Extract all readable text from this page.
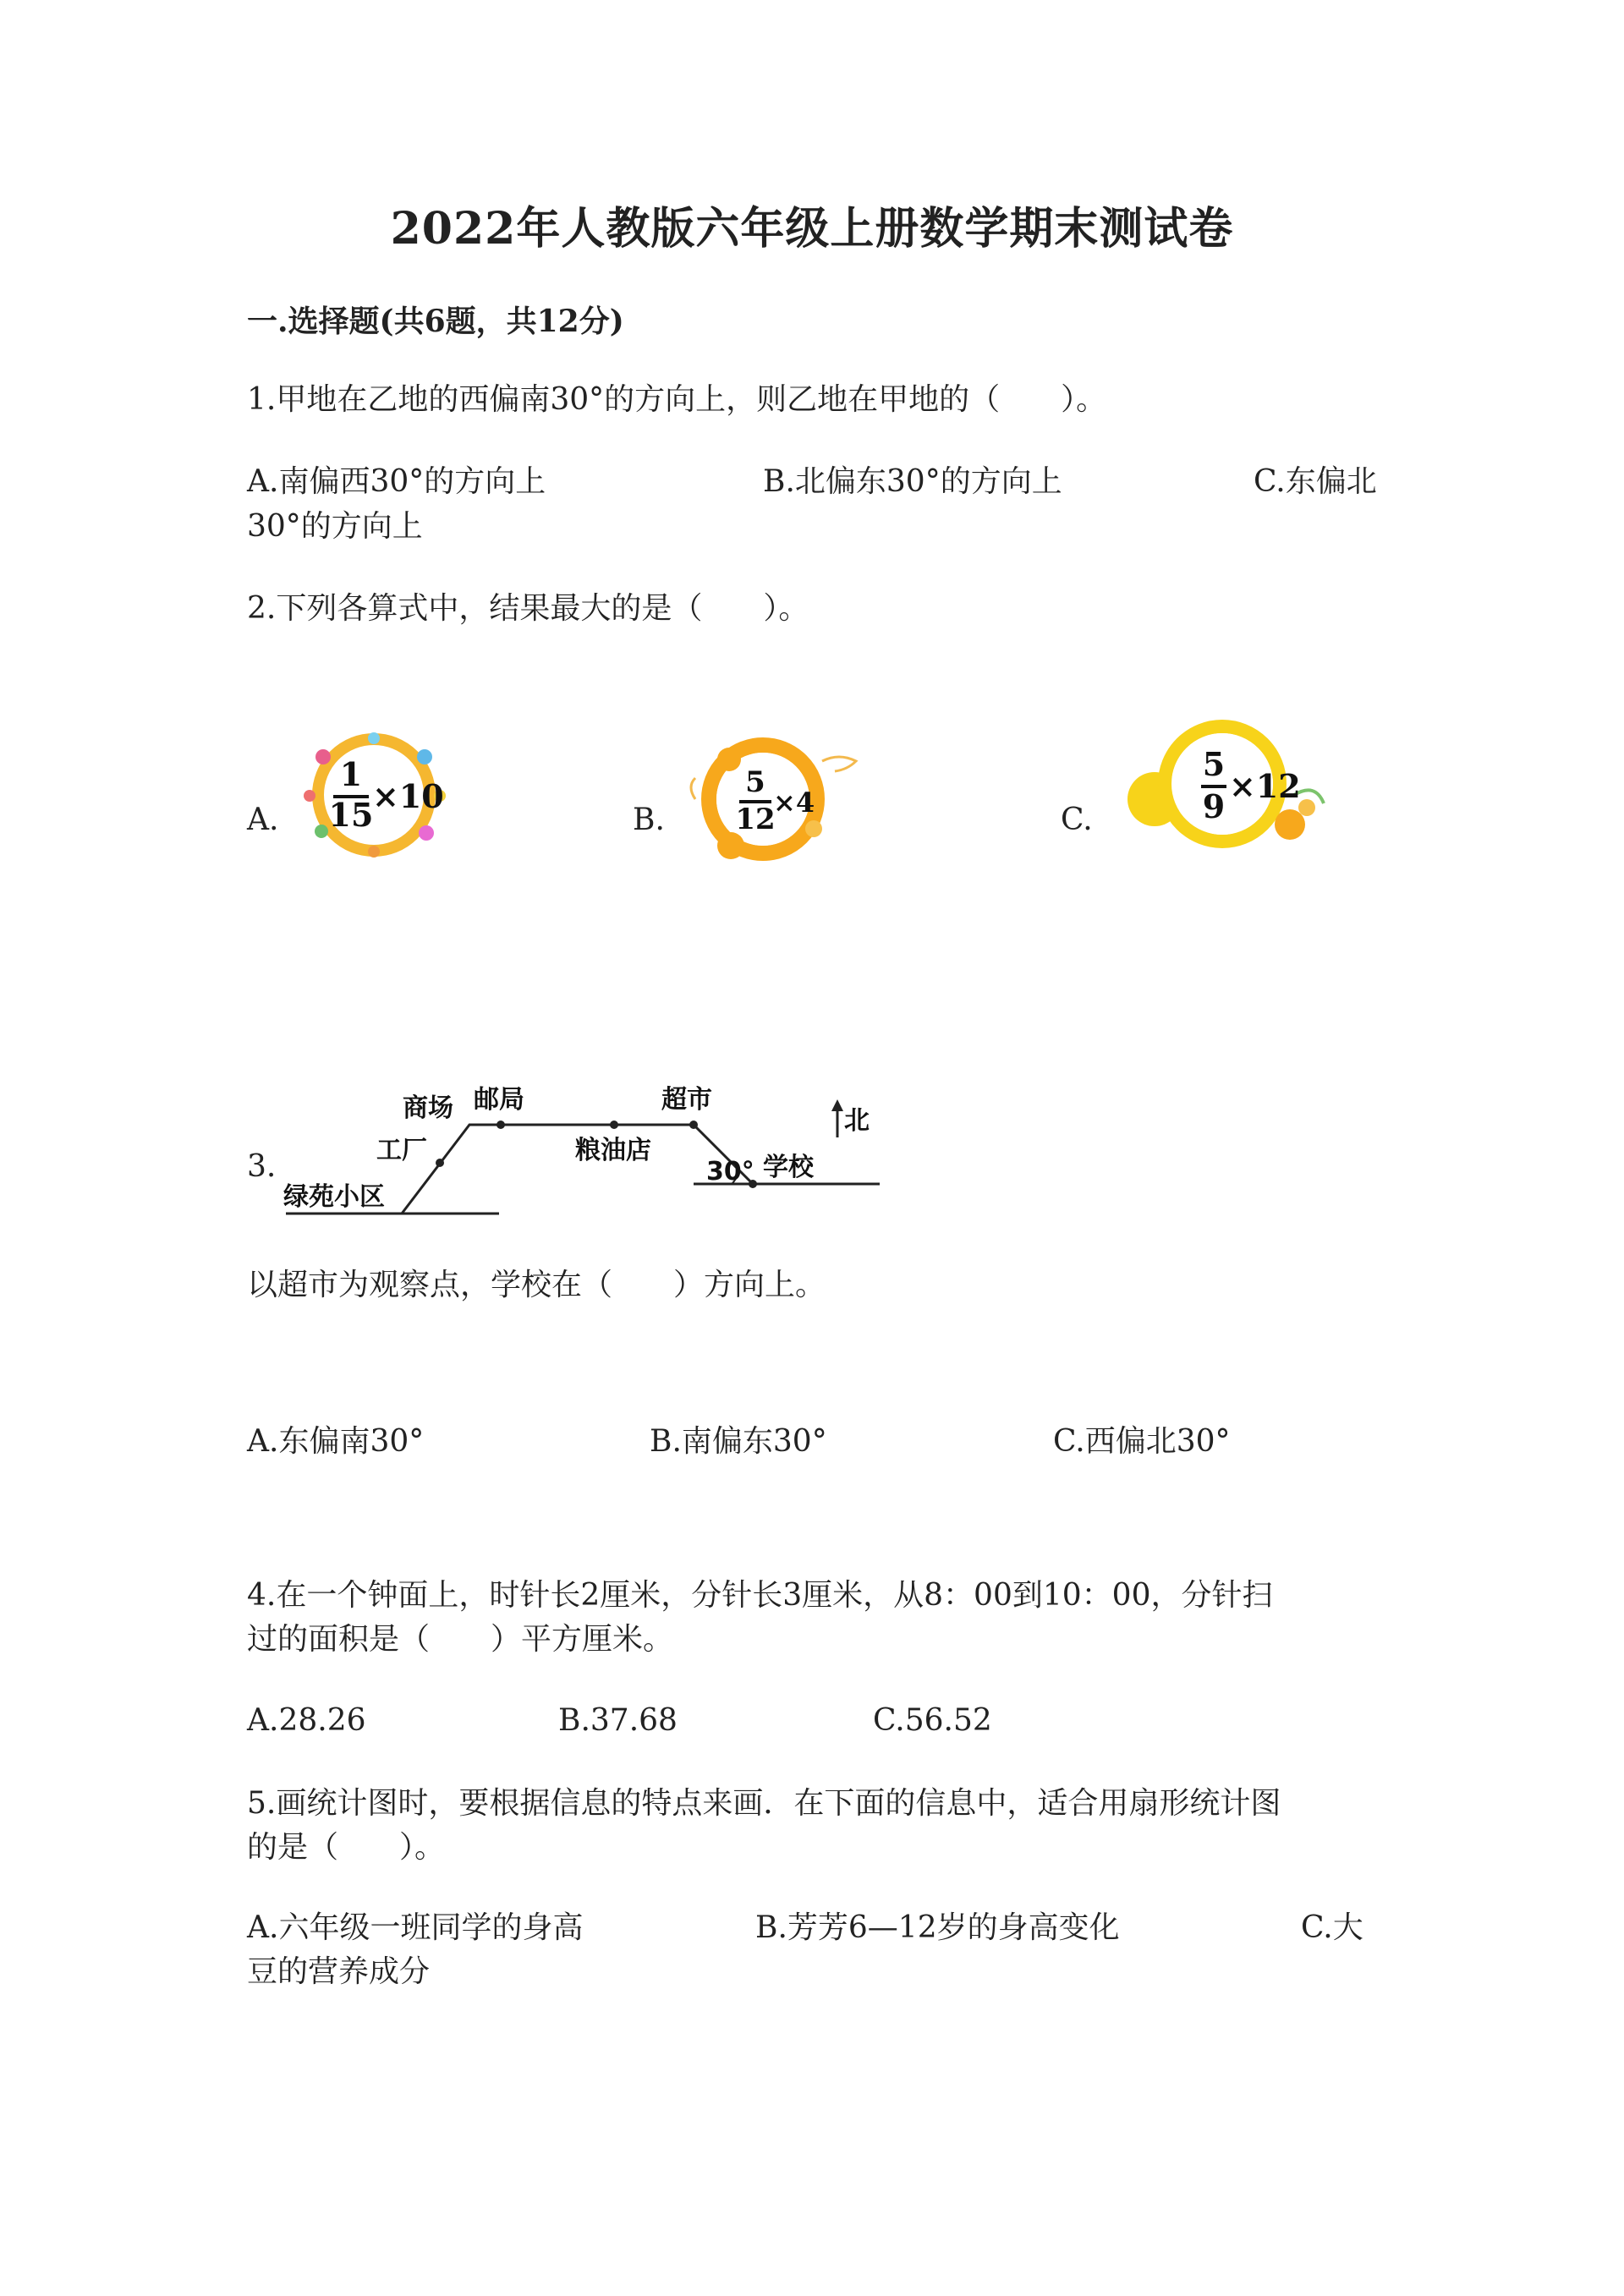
2022年人教版六年级上册数学期末测试卷
一.选择题(共6题，共12分)
1.甲地在乙地的西偏南30°的方向上，则乙地在甲地的（　　）。
A.南偏西30°的方向上	B.北偏东30°的方向上	C.东偏北
30°的方向上
2.下列各算式中，结果最大的是（　　）。
A.
1
15
×10
B.
5
12
×4	C.
5
9
×12
3.
商场 邮局	超市
工厂	粮油店
绿苑小区
学校
北
30°
以超市为观察点，学校在（　　）方向上。
A.东偏南30°	B.南偏东30°	C.西偏北30°
4.在一个钟面上，时针长2厘米，分针长3厘米，从8：00到10：00，分针扫
过的面积是（　　）平方厘米。
A.28.26	B.37.68	C.56.52
5.画统计图时，要根据信息的特点来画．在下面的信息中，适合用扇形统计图
的是（　　）。
A.六年级一班同学的身高	B.芳芳6—12岁的身高变化	C.大
豆的营养成分
